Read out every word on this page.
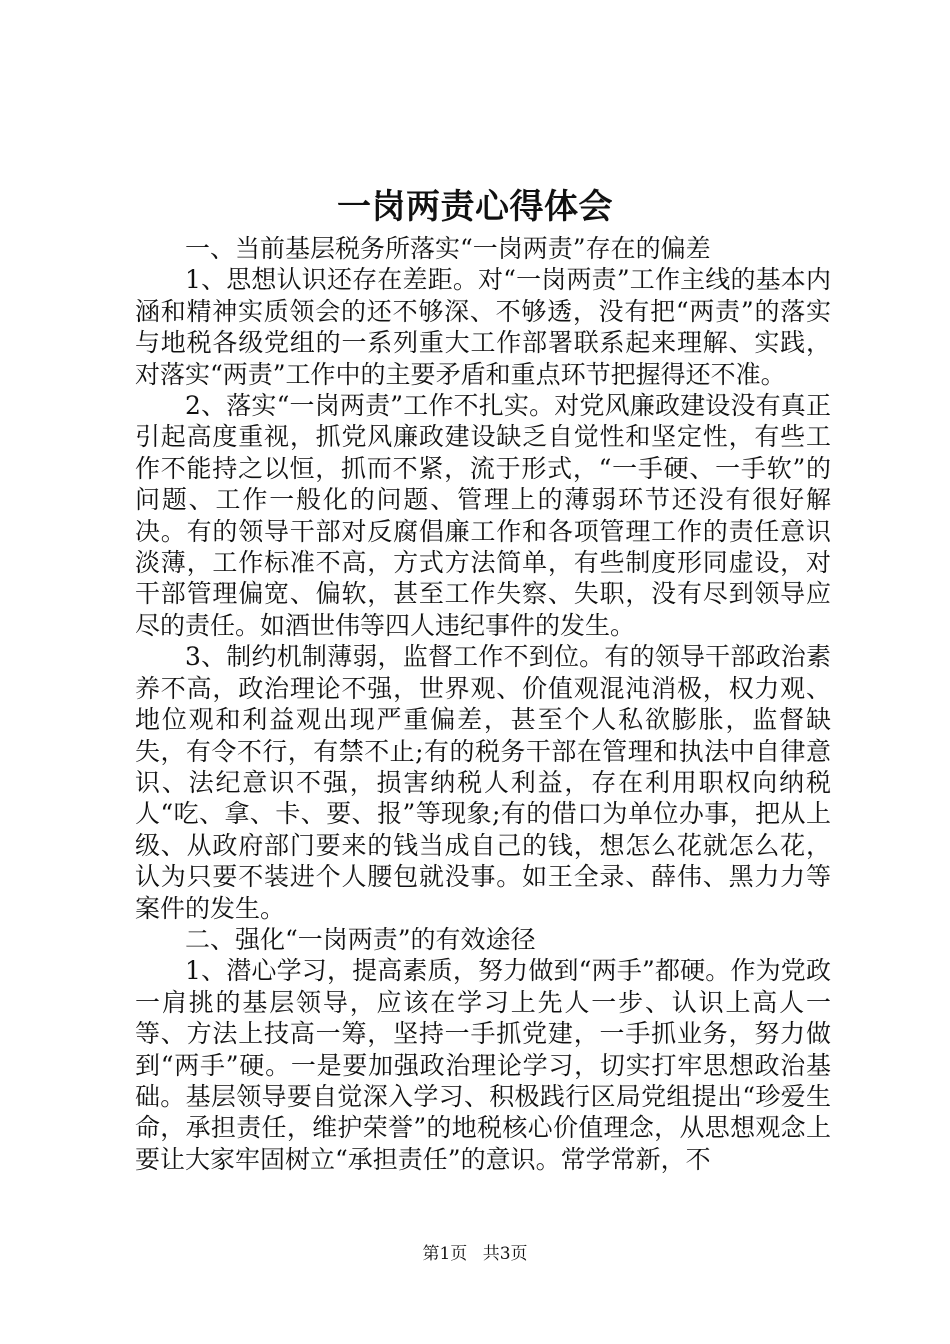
一岗两责心得体会

一、当前基层税务所落实“一岗两责”存在的偏差

1、思想认识还存在差距。对“一岗两责”工作主线的基本内涵和精神实质领会的还不够深、不够透，没有把“两责”的落实与地税各级党组的一系列重大工作部署联系起来理解、实践，对落实“两责”工作中的主要矛盾和重点环节把握得还不准。

2、落实“一岗两责”工作不扎实。对党风廉政建设没有真正引起高度重视，抓党风廉政建设缺乏自觉性和坚定性，有些工作不能持之以恒，抓而不紧，流于形式，“一手硬、一手软”的问题、工作一般化的问题、管理上的薄弱环节还没有很好解决。有的领导干部对反腐倡廉工作和各项管理工作的责任意识淡薄，工作标准不高，方式方法简单，有些制度形同虚设，对干部管理偏宽、偏软，甚至工作失察、失职，没有尽到领导应尽的责任。如酒世伟等四人违纪事件的发生。

3、制约机制薄弱，监督工作不到位。有的领导干部政治素养不高，政治理论不强，世界观、价值观混沌消极，权力观、地位观和利益观出现严重偏差，甚至个人私欲膨胀，监督缺失，有令不行，有禁不止;有的税务干部在管理和执法中自律意识、法纪意识不强，损害纳税人利益，存在利用职权向纳税人“吃、拿、卡、要、报”等现象;有的借口为单位办事，把从上级、从政府部门要来的钱当成自己的钱，想怎么花就怎么花，认为只要不装进个人腰包就没事。如王全录、薛伟、黑力力等案件的发生。

二、强化“一岗两责”的有效途径

1、潜心学习，提高素质，努力做到“两手”都硬。作为党政一肩挑的基层领导，应该在学习上先人一步、认识上高人一等、方法上技高一筹，坚持一手抓党建，一手抓业务，努力做到“两手”硬。一是要加强政治理论学习，切实打牢思想政治基础。基层领导要自觉深入学习、积极践行区局党组提出“珍爱生命，承担责任，维护荣誉”的地税核心价值理念，从思想观念上要让大家牢固树立“承担责任”的意识。常学常新，不

第1页 共3页
